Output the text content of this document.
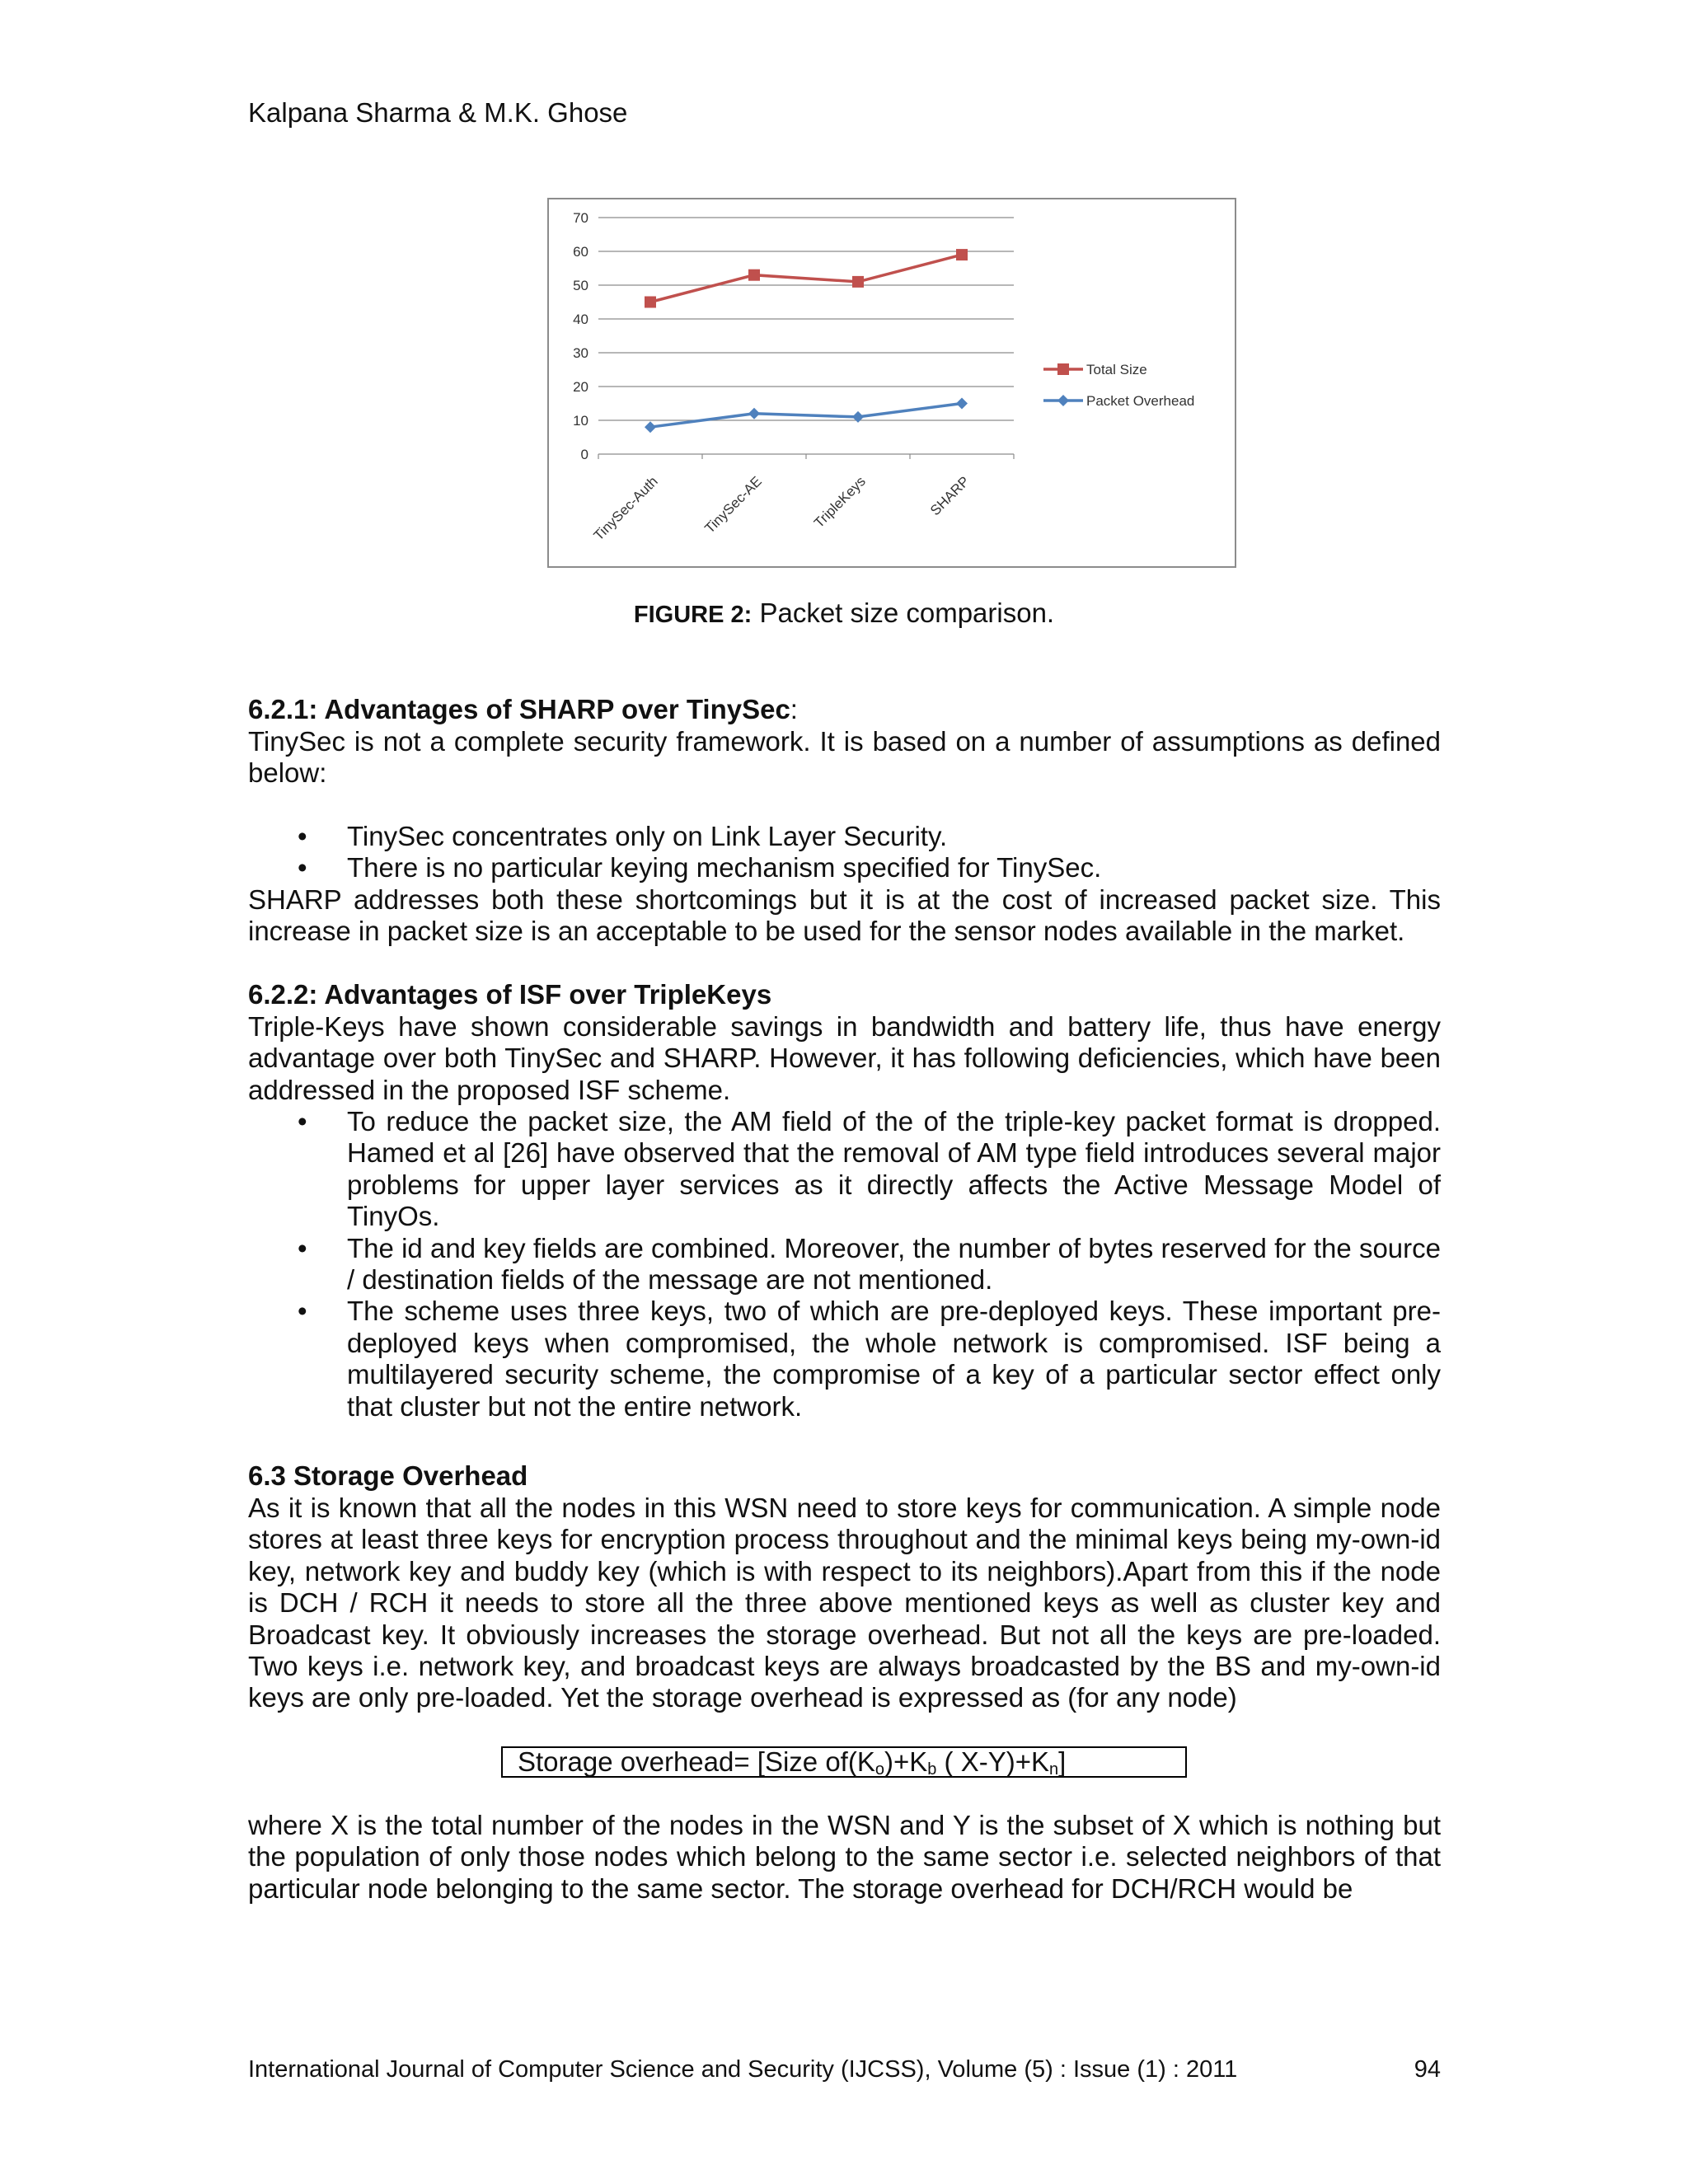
Kalpana Sharma & M.K. Ghose
0
10
20
30
40
50
60
70
TinySec-Auth	TinySec-AE	TripleKeys	SHARP
Total Size
Packet Overhead
FIGURE 2: Packet size comparison.
6.2.1: Advantages of SHARP over TinySec:
TinySec is not a complete security framework. It is based on a number of assumptions as defined below:
• TinySec concentrates only on Link Layer Security.
• There is no particular keying mechanism specified for TinySec.
SHARP addresses both these shortcomings but it is at the cost of increased packet size. This increase in packet size is an acceptable to be used for the sensor nodes available in the market.
6.2.2: Advantages of ISF over TripleKeys
Triple-Keys have shown considerable savings in bandwidth and battery life, thus have energy advantage over both TinySec and SHARP. However, it has following deficiencies, which have been addressed in the proposed ISF scheme.
• To reduce the packet size, the AM field of the of the triple-key packet format is dropped. Hamed et al [26] have observed that the removal of AM type field introduces several major problems for upper layer services as it directly affects the Active Message Model of TinyOs.
• The id and key fields are combined. Moreover, the number of bytes reserved for the source / destination fields of the message are not mentioned.
• The scheme uses three keys, two of which are pre-deployed keys. These important pre-deployed keys when compromised, the whole network is compromised. ISF being a multilayered security scheme, the compromise of a key of a particular sector effect only that cluster but not the entire network.
6.3 Storage Overhead
As it is known that all the nodes in this WSN need to store keys for communication. A simple node stores at least three keys for encryption process throughout and the minimal keys being my-own-id key, network key and buddy key (which is with respect to its neighbors).Apart from this if the node is DCH / RCH it needs to store all the three above mentioned keys as well as cluster key and Broadcast key. It obviously increases the storage overhead. But not all the keys are pre-loaded. Two keys i.e. network key, and broadcast keys are always broadcasted by the BS and my-own-id keys are only pre-loaded. Yet the storage overhead is expressed as (for any node)
Storage overhead= [Size $of(K_o)+K_b$ ( $X-Y)+K_n$]
where X is the total number of the nodes in the WSN and Y is the subset of X which is nothing but the population of only those nodes which belong to the same sector i.e. selected neighbors of that particular node belonging to the same sector. The storage overhead for DCH/RCH would be
International Journal of Computer Science and Security (IJCSS), Volume (5) : Issue (1) : 2011	94
